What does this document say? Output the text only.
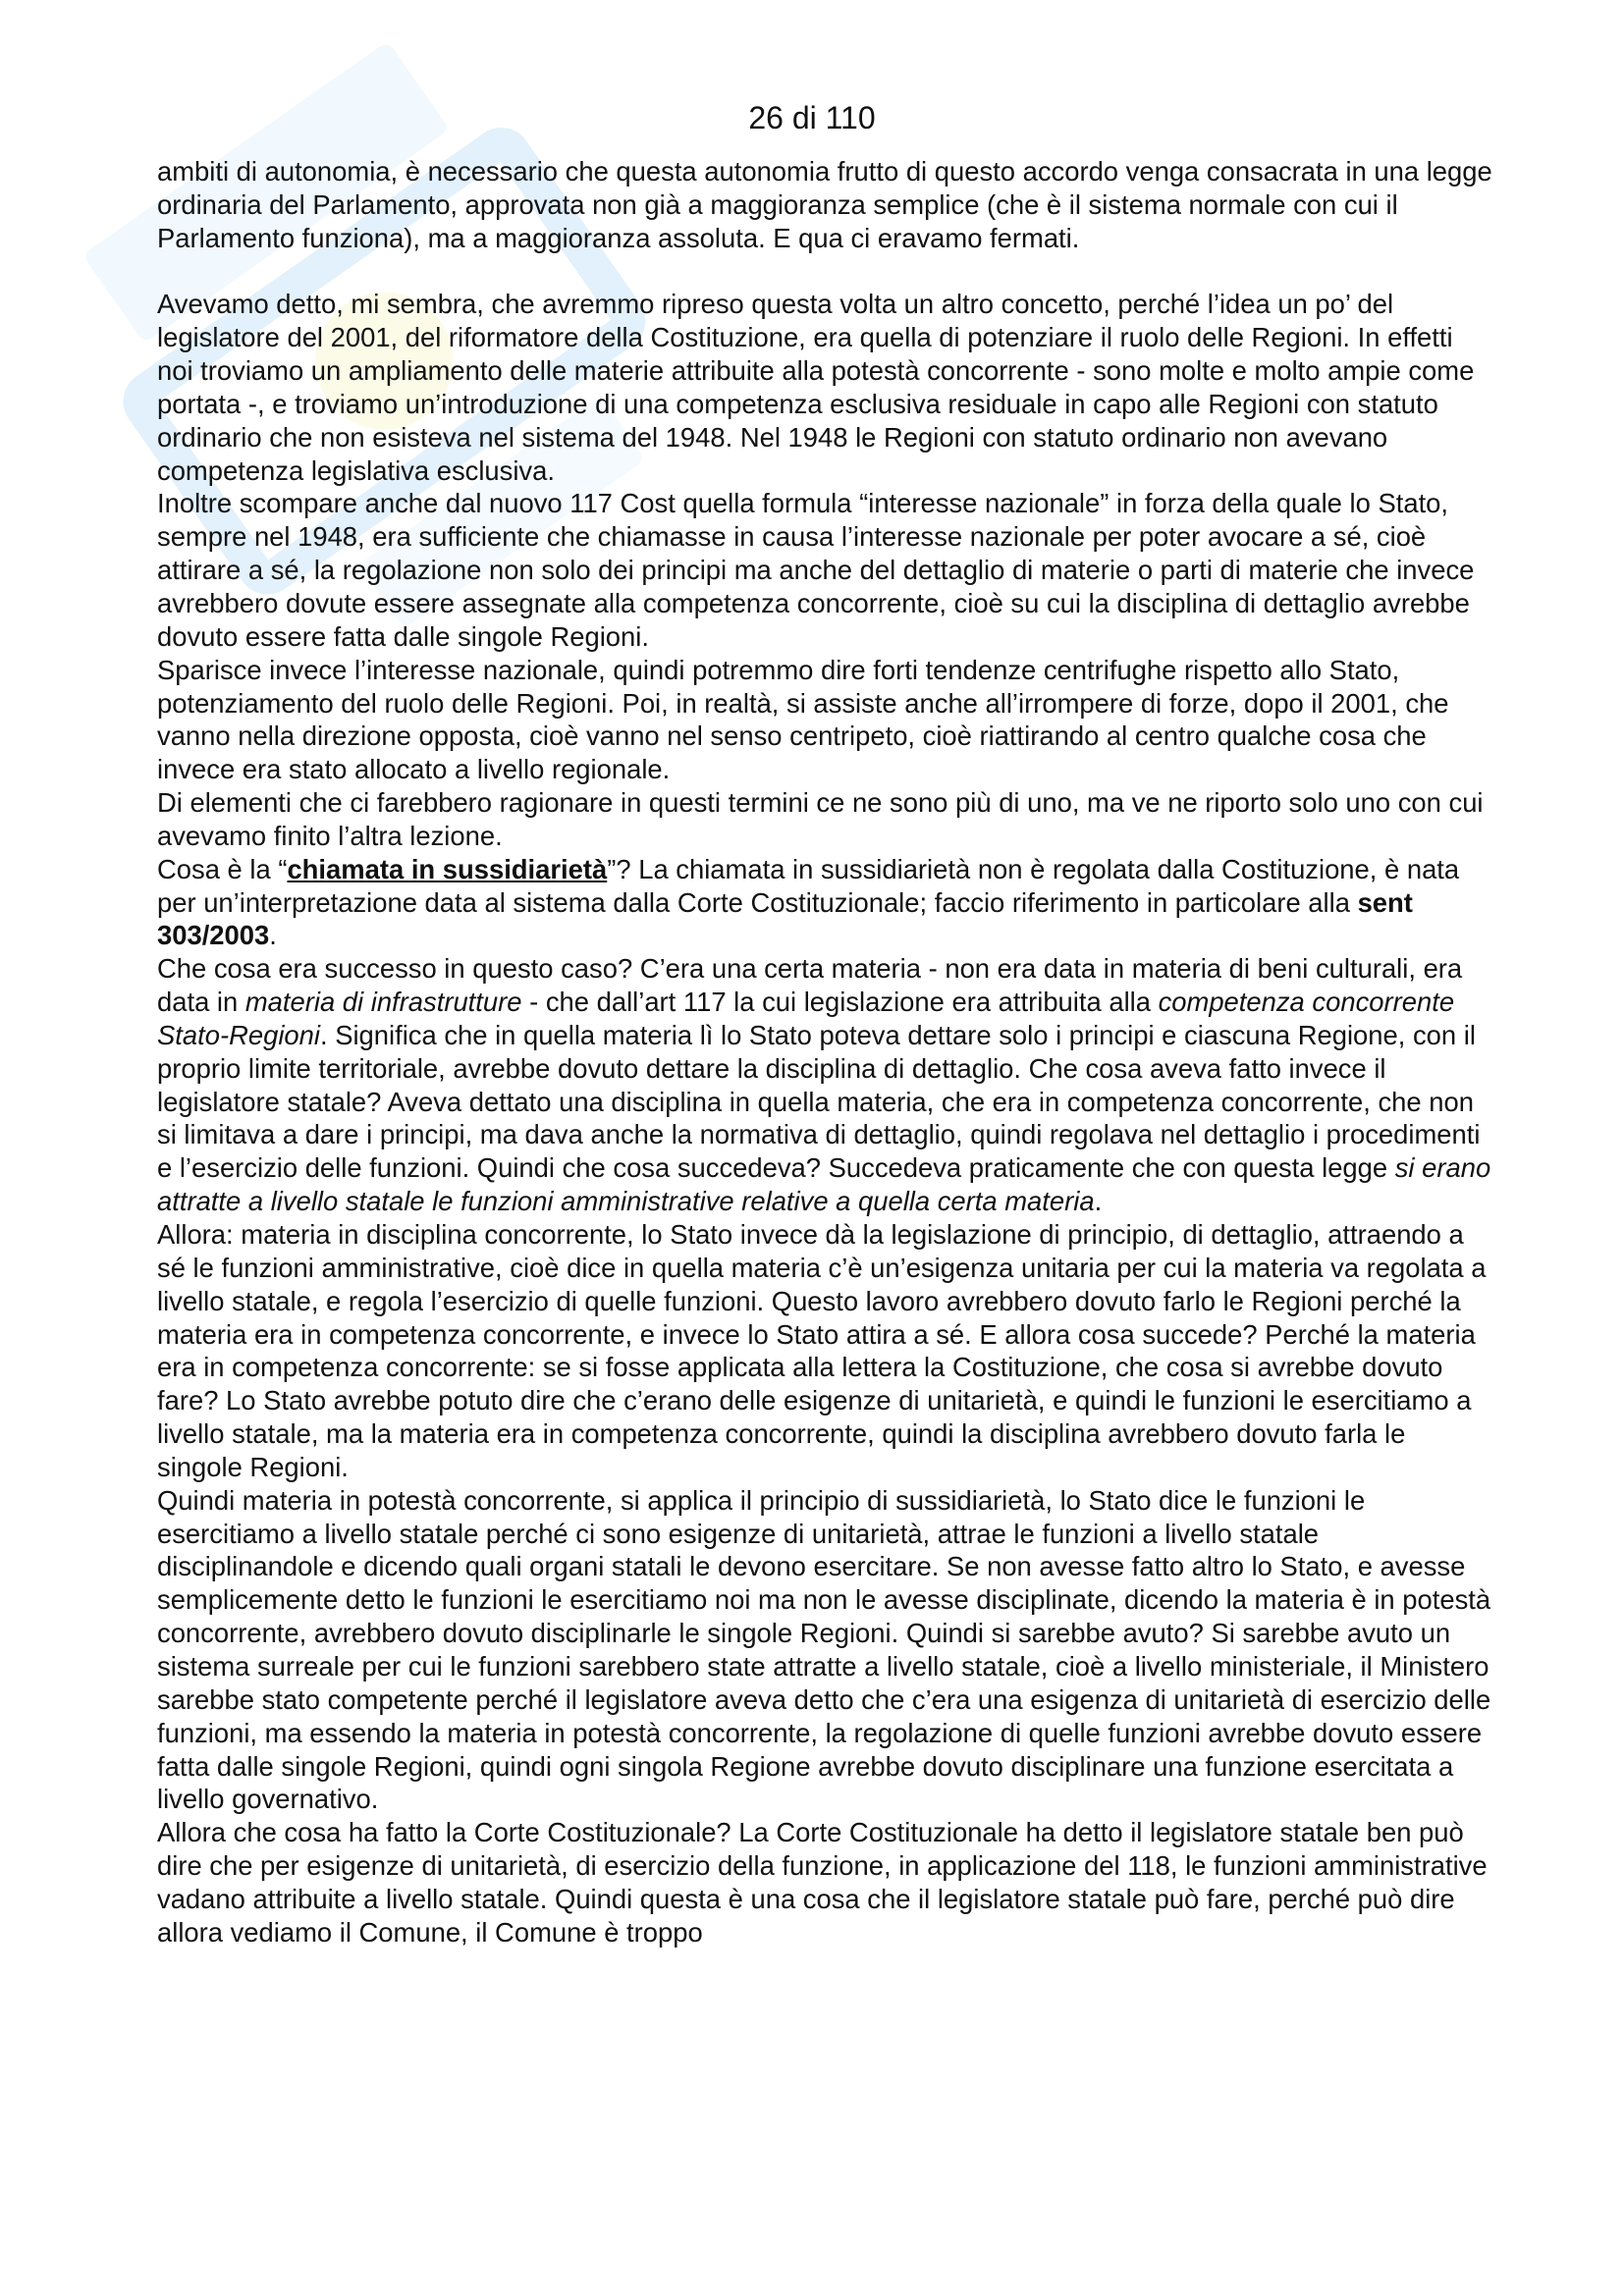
26 di 110

ambiti di autonomia, è necessario che questa autonomia frutto di questo accordo venga consacrata in una legge ordinaria del Parlamento, approvata non già a maggioranza semplice (che è il sistema normale con cui il Parlamento funziona), ma a maggioranza assoluta. E qua ci eravamo fermati.

Avevamo detto, mi sembra, che avremmo ripreso questa volta un altro concetto, perché l’idea un po’ del legislatore del 2001, del riformatore della Costituzione, era quella di potenziare il ruolo delle Regioni. In effetti noi troviamo un ampliamento delle materie attribuite alla potestà concorrente - sono molte e molto ampie come portata -, e troviamo un’introduzione di una competenza esclusiva residuale in capo alle Regioni con statuto ordinario che non esisteva nel sistema del 1948. Nel 1948 le Regioni con statuto ordinario non avevano competenza legislativa esclusiva.

Inoltre scompare anche dal nuovo 117 Cost quella formula “interesse nazionale” in forza della quale lo Stato, sempre nel 1948, era sufficiente che chiamasse in causa l’interesse nazionale per poter avocare a sé, cioè attirare a sé, la regolazione non solo dei principi ma anche del dettaglio di materie o parti di materie che invece avrebbero dovute essere assegnate alla competenza concorrente, cioè su cui la disciplina di dettaglio avrebbe dovuto essere fatta dalle singole Regioni.

Sparisce invece l’interesse nazionale, quindi potremmo dire forti tendenze centrifughe rispetto allo Stato, potenziamento del ruolo delle Regioni. Poi, in realtà, si assiste anche all’irrompere di forze, dopo il 2001, che vanno nella direzione opposta, cioè vanno nel senso centripeto, cioè riattirando al centro qualche cosa che invece era stato allocato a livello regionale.

Di elementi che ci farebbero ragionare in questi termini ce ne sono più di uno, ma ve ne riporto solo uno con cui avevamo finito l’altra lezione.

Cosa è la “chiamata in sussidiarietà”? La chiamata in sussidiarietà non è regolata dalla Costituzione, è nata per un’interpretazione data al sistema dalla Corte Costituzionale; faccio riferimento in particolare alla sent 303/2003.

Che cosa era successo in questo caso? C’era una certa materia - non era data in materia di beni culturali, era data in materia di infrastrutture - che dall’art 117 la cui legislazione era attribuita alla competenza concorrente Stato-Regioni. Significa che in quella materia lì lo Stato poteva dettare solo i principi e ciascuna Regione, con il proprio limite territoriale, avrebbe dovuto dettare la disciplina di dettaglio. Che cosa aveva fatto invece il legislatore statale? Aveva dettato una disciplina in quella materia, che era in competenza concorrente, che non si limitava a dare i principi, ma dava anche la normativa di dettaglio, quindi regolava nel dettaglio i procedimenti e l’esercizio delle funzioni. Quindi che cosa succedeva? Succedeva praticamente che con questa legge si erano attratte a livello statale le funzioni amministrative relative a quella certa materia.

Allora: materia in disciplina concorrente, lo Stato invece dà la legislazione di principio, di dettaglio, attraendo a sé le funzioni amministrative, cioè dice in quella materia c’è un’esigenza unitaria per cui la materia va regolata a livello statale, e regola l’esercizio di quelle funzioni. Questo lavoro avrebbero dovuto farlo le Regioni perché la materia era in competenza concorrente, e invece lo Stato attira a sé. E allora cosa succede? Perché la materia era in competenza concorrente: se si fosse applicata alla lettera la Costituzione, che cosa si avrebbe dovuto fare? Lo Stato avrebbe potuto dire che c’erano delle esigenze di unitarietà, e quindi le funzioni le esercitiamo a livello statale, ma la materia era in competenza concorrente, quindi la disciplina avrebbero dovuto farla le singole Regioni.

Quindi materia in potestà concorrente, si applica il principio di sussidiarietà, lo Stato dice le funzioni le esercitiamo a livello statale perché ci sono esigenze di unitarietà, attrae le funzioni a livello statale disciplinandole e dicendo quali organi statali le devono esercitare. Se non avesse fatto altro lo Stato, e avesse semplicemente detto le funzioni le esercitiamo noi ma non le avesse disciplinate, dicendo la materia è in potestà concorrente, avrebbero dovuto disciplinarle le singole Regioni. Quindi si sarebbe avuto? Si sarebbe avuto un sistema surreale per cui le funzioni sarebbero state attratte a livello statale, cioè a livello ministeriale, il Ministero sarebbe stato competente perché il legislatore aveva detto che c’era una esigenza di unitarietà di esercizio delle funzioni, ma essendo la materia in potestà concorrente, la regolazione di quelle funzioni avrebbe dovuto essere fatta dalle singole Regioni, quindi ogni singola Regione avrebbe dovuto disciplinare una funzione esercitata a livello governativo.

Allora che cosa ha fatto la Corte Costituzionale? La Corte Costituzionale ha detto il legislatore statale ben può dire che per esigenze di unitarietà, di esercizio della funzione, in applicazione del 118, le funzioni amministrative vadano attribuite a livello statale. Quindi questa è una cosa che il legislatore statale può fare, perché può dire allora vediamo il Comune, il Comune è troppo
